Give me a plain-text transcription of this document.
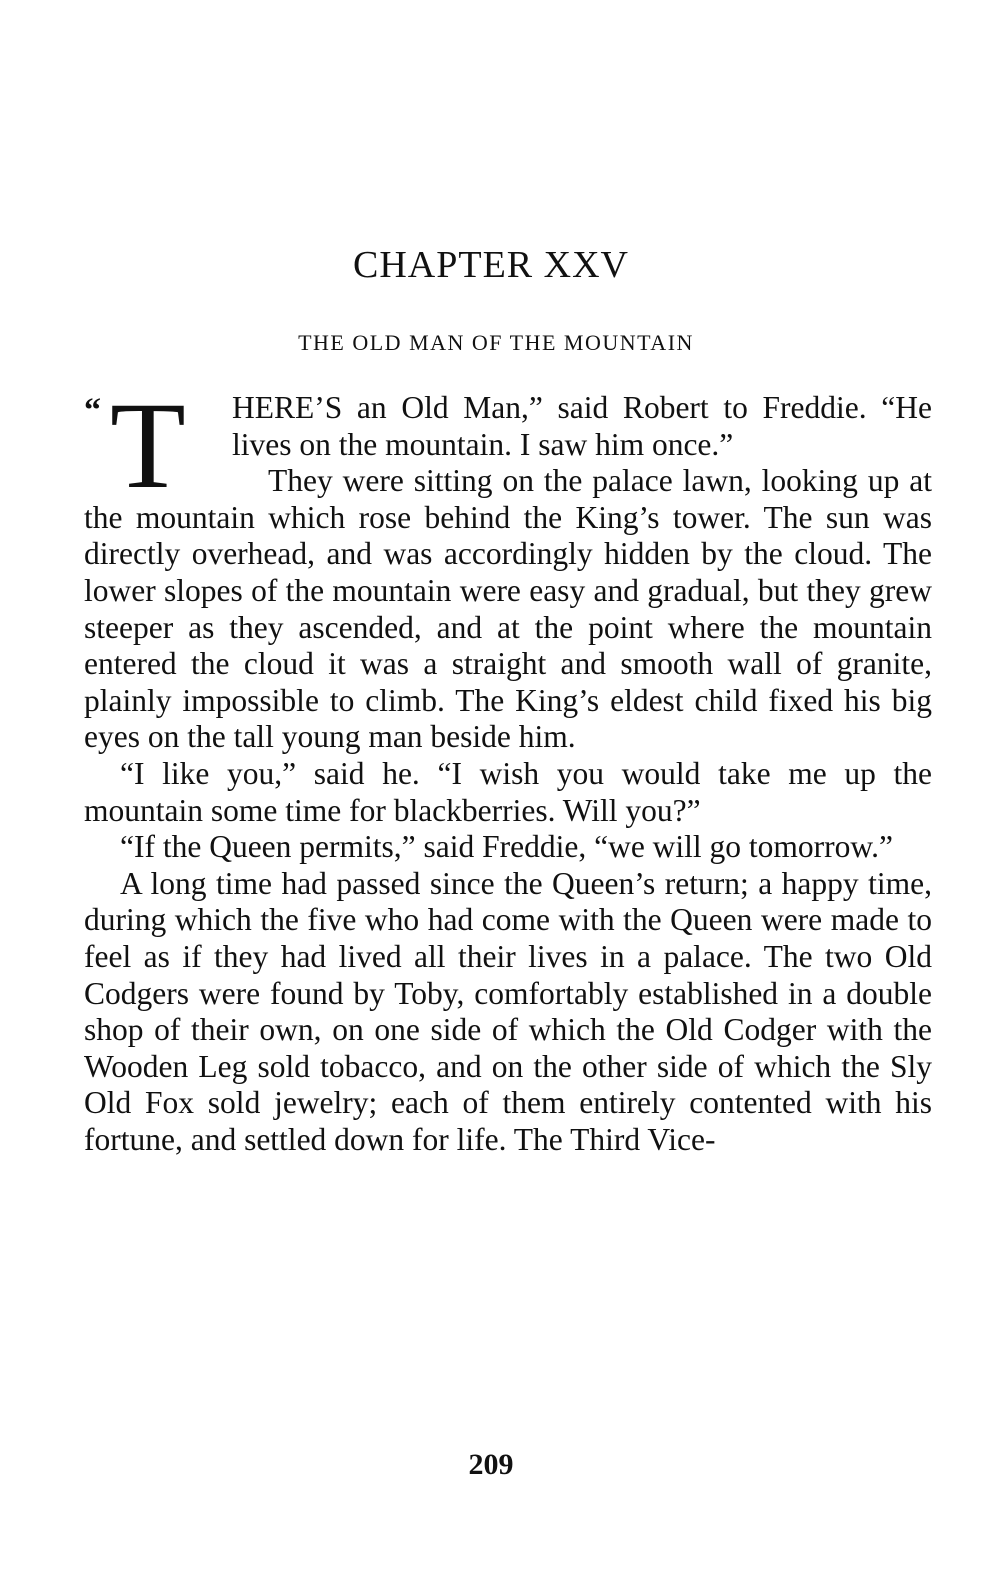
CHAPTER XXV
THE OLD MAN OF THE MOUNTAIN

“ T HERE’S an Old Man,” said Robert to Freddie. “He lives on the mountain. I saw him once.”

They were sitting on the palace lawn, looking up at the mountain which rose behind the King’s tower. The sun was directly overhead, and was accordingly hidden by the cloud. The lower slopes of the mountain were easy and gradual, but they grew steeper as they ascended, and at the point where the mountain entered the cloud it was a straight and smooth wall of granite, plainly impossible to climb. The King’s eldest child fixed his big eyes on the tall young man beside him.

“I like you,” said he. “I wish you would take me up the mountain some time for blackberries. Will you?”

“If the Queen permits,” said Freddie, “we will go tomorrow.”

A long time had passed since the Queen’s return; a happy time, during which the five who had come with the Queen were made to feel as if they had lived all their lives in a palace. The two Old Codgers were found by Toby, comfortably established in a double shop of their own, on one side of which the Old Codger with the Wooden Leg sold tobacco, and on the other side of which the Sly Old Fox sold jewelry; each of them entirely contented with his fortune, and settled down for life. The Third Vice-

209
